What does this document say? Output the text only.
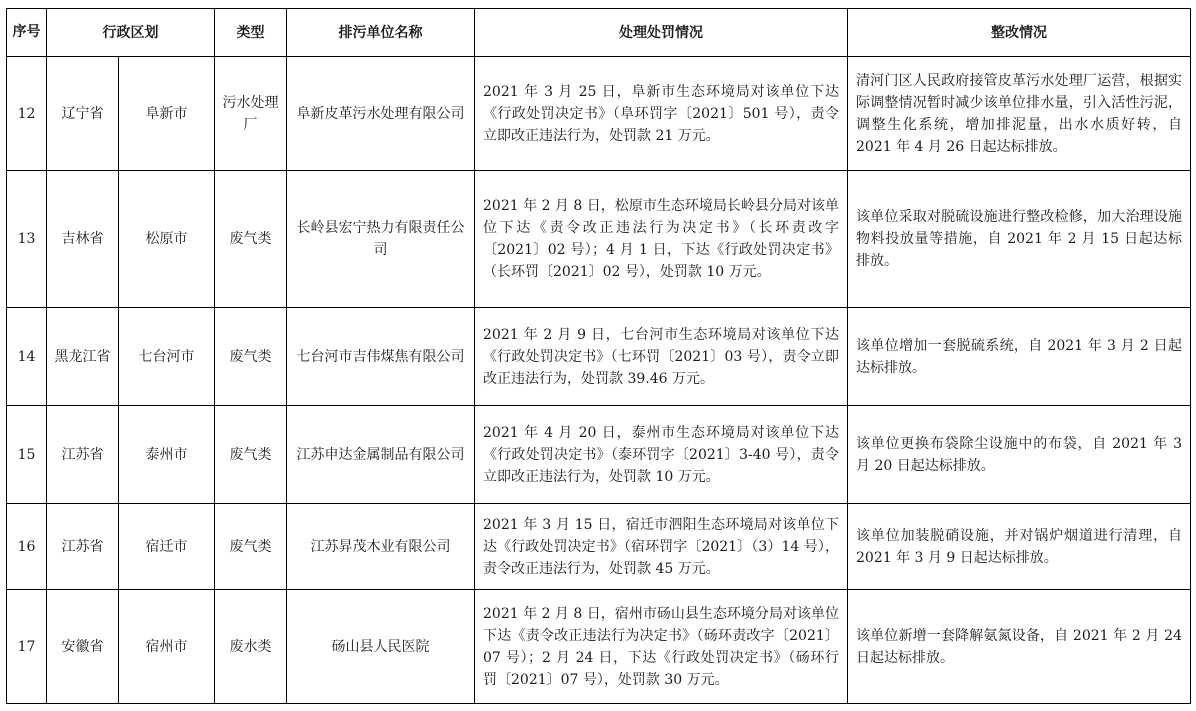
序号	行政区划		类型	排污单位名称	处理处罚情况	整改情况
12	辽宁省	阜新市	污水处理厂	阜新皮革污水处理有限公司	2021 年 3 月 25 日，阜新市生态环境局对该单位下达《行政处罚决定书》（阜环罚字〔2021〕501 号），责令立即改正违法行为，处罚款 21 万元。	清河门区人民政府接管皮革污水处理厂运营，根据实际调整情况暂时减少该单位排水量，引入活性污泥，调整生化系统，增加排泥量，出水水质好转，自 2021 年 4 月 26 日起达标排放。
13	吉林省	松原市	废气类	长岭县宏宁热力有限责任公司	2021 年 2 月 8 日，松原市生态环境局长岭县分局对该单位下达《责令改正违法行为决定书》（长环责改字〔2021〕02 号）；4 月 1 日，下达《行政处罚决定书》（长环罚〔2021〕02 号），处罚款 10 万元。	该单位采取对脱硫设施进行整改检修，加大治理设施物料投放量等措施，自 2021 年 2 月 15 日起达标排放。
14	黑龙江省	七台河市	废气类	七台河市吉伟煤焦有限公司	2021 年 2 月 9 日，七台河市生态环境局对该单位下达《行政处罚决定书》（七环罚〔2021〕03 号），责令立即改正违法行为，处罚款 39.46 万元。	该单位增加一套脱硫系统，自 2021 年 3 月 2 日起达标排放。
15	江苏省	泰州市	废气类	江苏申达金属制品有限公司	2021 年 4 月 20 日，泰州市生态环境局对该单位下达《行政处罚决定书》（泰环罚字〔2021〕3-40 号），责令立即改正违法行为，处罚款 10 万元。	该单位更换布袋除尘设施中的布袋，自 2021 年 3 月 20 日起达标排放。
16	江苏省	宿迁市	废气类	江苏昇茂木业有限公司	2021 年 3 月 15 日，宿迁市泗阳生态环境局对该单位下达《行政处罚决定书》（宿环罚字〔2021〕（3）14 号），责令改正违法行为，处罚款 45 万元。	该单位加装脱硝设施，并对锅炉烟道进行清理，自 2021 年 3 月 9 日起达标排放。
17	安徽省	宿州市	废水类	砀山县人民医院	2021 年 2 月 8 日，宿州市砀山县生态环境分局对该单位下达《责令改正违法行为决定书》（砀环责改字〔2021〕07 号）；2 月 24 日，下达《行政处罚决定书》（砀环行罚〔2021〕07 号），处罚款 30 万元。	该单位新增一套降解氨氮设备，自 2021 年 2 月 24 日起达标排放。
